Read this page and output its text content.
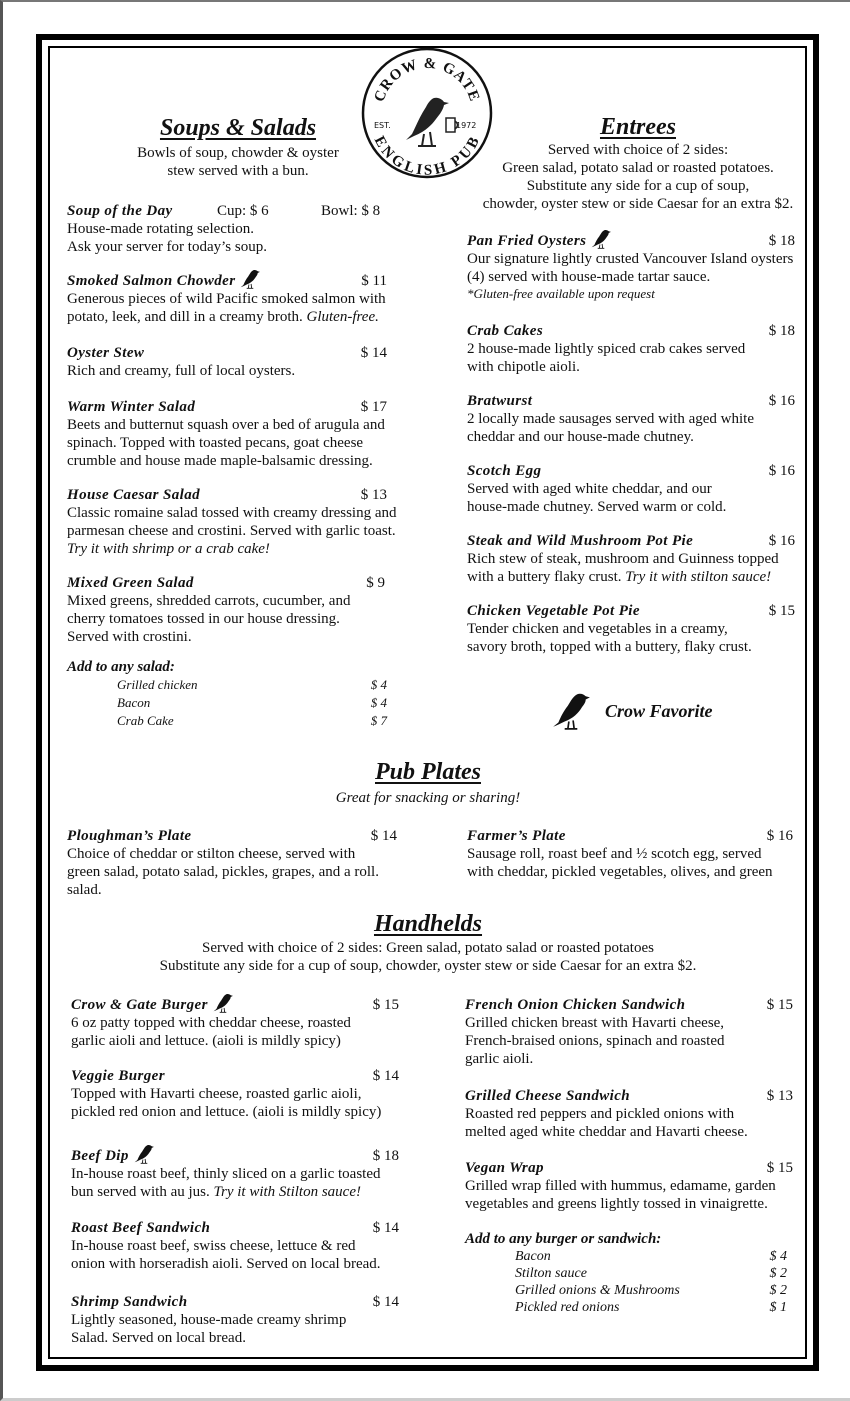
CROW & GATE
ENGLISH PUB
EST.	1972
Soups & Salads
Bowls of soup, chowder & oyster
stew served with a bun.
Soup of the Day	Cup: $ 6	Bowl: $ 8
House-made rotating selection.
Ask your server for today’s soup.
Smoked Salmon Chowder	$ 11
Generous pieces of wild Pacific smoked salmon with potato, leek, and dill in a creamy broth. Gluten-free.
Oyster Stew	$ 14
Rich and creamy, full of local oysters.
Warm Winter Salad	$ 17
Beets and butternut squash over a bed of arugula and spinach. Topped with toasted pecans, goat cheese crumble and house made maple-balsamic dressing.
House Caesar Salad	$ 13
Classic romaine salad tossed with creamy dressing and parmesan cheese and crostini. Served with garlic toast.
Try it with shrimp or a crab cake!
Mixed Green Salad	$ 9
Mixed greens, shredded carrots, cucumber, and cherry tomatoes tossed in our house dressing. Served with crostini.
Add to any salad:
Grilled chicken	$ 4
Bacon	$ 4
Crab Cake	$ 7
Entrees
Served with choice of 2 sides:
Green salad, potato salad or roasted potatoes.
Substitute any side for a cup of soup,
chowder, oyster stew or side Caesar for an extra $2.
Pan Fried Oysters	$ 18
Our signature lightly crusted Vancouver Island oysters (4) served with house-made tartar sauce.
*Gluten-free available upon request
Crab Cakes	$ 18
2 house-made lightly spiced crab cakes served with chipotle aioli.
Bratwurst	$ 16
2 locally made sausages served with aged white cheddar and our house-made chutney.
Scotch Egg	$ 16
Served with aged white cheddar, and our house-made chutney. Served warm or cold.
Steak and Wild Mushroom Pot Pie	$ 16
Rich stew of steak, mushroom and Guinness topped with a buttery flaky crust. Try it with stilton sauce!
Chicken Vegetable Pot Pie	$ 15
Tender chicken and vegetables in a creamy, savory broth, topped with a buttery, flaky crust.
Crow Favorite
Pub Plates
Great for snacking or sharing!
Ploughman’s Plate	$ 14
Choice of cheddar or stilton cheese, served with green salad, potato salad, pickles, grapes, and a roll. salad.
Farmer’s Plate	$ 16
Sausage roll, roast beef and ½ scotch egg, served with cheddar, pickled vegetables, olives, and green
Handhelds
Served with choice of 2 sides: Green salad, potato salad or roasted potatoes
Substitute any side for a cup of soup, chowder, oyster stew or side Caesar for an extra $2.
Crow & Gate Burger	$ 15
6 oz patty topped with cheddar cheese, roasted garlic aioli and lettuce. (aioli is mildly spicy)
Veggie Burger	$ 14
Topped with Havarti cheese, roasted garlic aioli, pickled red onion and lettuce. (aioli is mildly spicy)
Beef Dip	$ 18
In-house roast beef, thinly sliced on a garlic toasted bun served with au jus. Try it with Stilton sauce!
Roast Beef Sandwich	$ 14
In-house roast beef, swiss cheese, lettuce & red onion with horseradish aioli. Served on local bread.
Shrimp Sandwich	$ 14
Lightly seasoned, house-made creamy shrimp Salad. Served on local bread.
French Onion Chicken Sandwich	$ 15
Grilled chicken breast with Havarti cheese, French-braised onions, spinach and roasted garlic aioli.
Grilled Cheese Sandwich	$ 13
Roasted red peppers and pickled onions with melted aged white cheddar and Havarti cheese.
Vegan Wrap	$ 15
Grilled wrap filled with hummus, edamame, garden vegetables and greens lightly tossed in vinaigrette.
Add to any burger or sandwich:
Bacon	$ 4
Stilton sauce	$ 2
Grilled onions & Mushrooms	$ 2
Pickled red onions	$ 1
